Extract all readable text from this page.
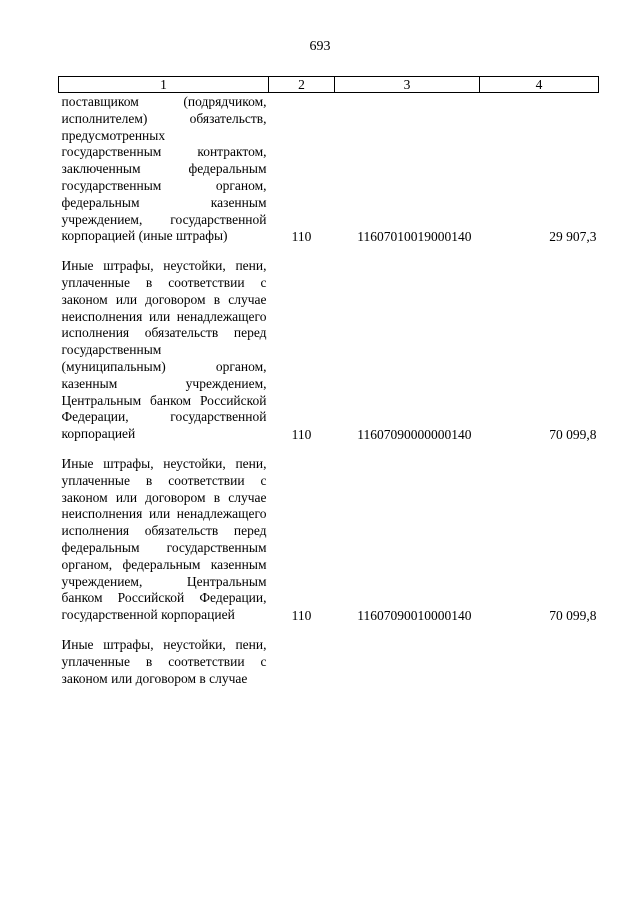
693
1	2	3	4
поставщиком (подрядчиком, исполнителем) обязательств, предусмотренных государственным контрактом, заключенным федеральным государственным органом, федеральным казенным учреждением, государственной корпорацией (иные штрафы)	110	11607010019000140	29 907,3

Иные штрафы, неустойки, пени, уплаченные в соответствии с законом или договором в случае неисполнения или ненадлежащего исполнения обязательств перед государственным (муниципальным) органом, казенным учреждением, Центральным банком Российской Федерации, государственной корпорацией	110	11607090000000140	70 099,8

Иные штрафы, неустойки, пени, уплаченные в соответствии с законом или договором в случае неисполнения или ненадлежащего исполнения обязательств перед федеральным государственным органом, федеральным казенным учреждением, Центральным банком Российской Федерации, государственной корпорацией	110	11607090010000140	70 099,8

Иные штрафы, неустойки, пени, уплаченные в соответствии с законом или договором в случае			
